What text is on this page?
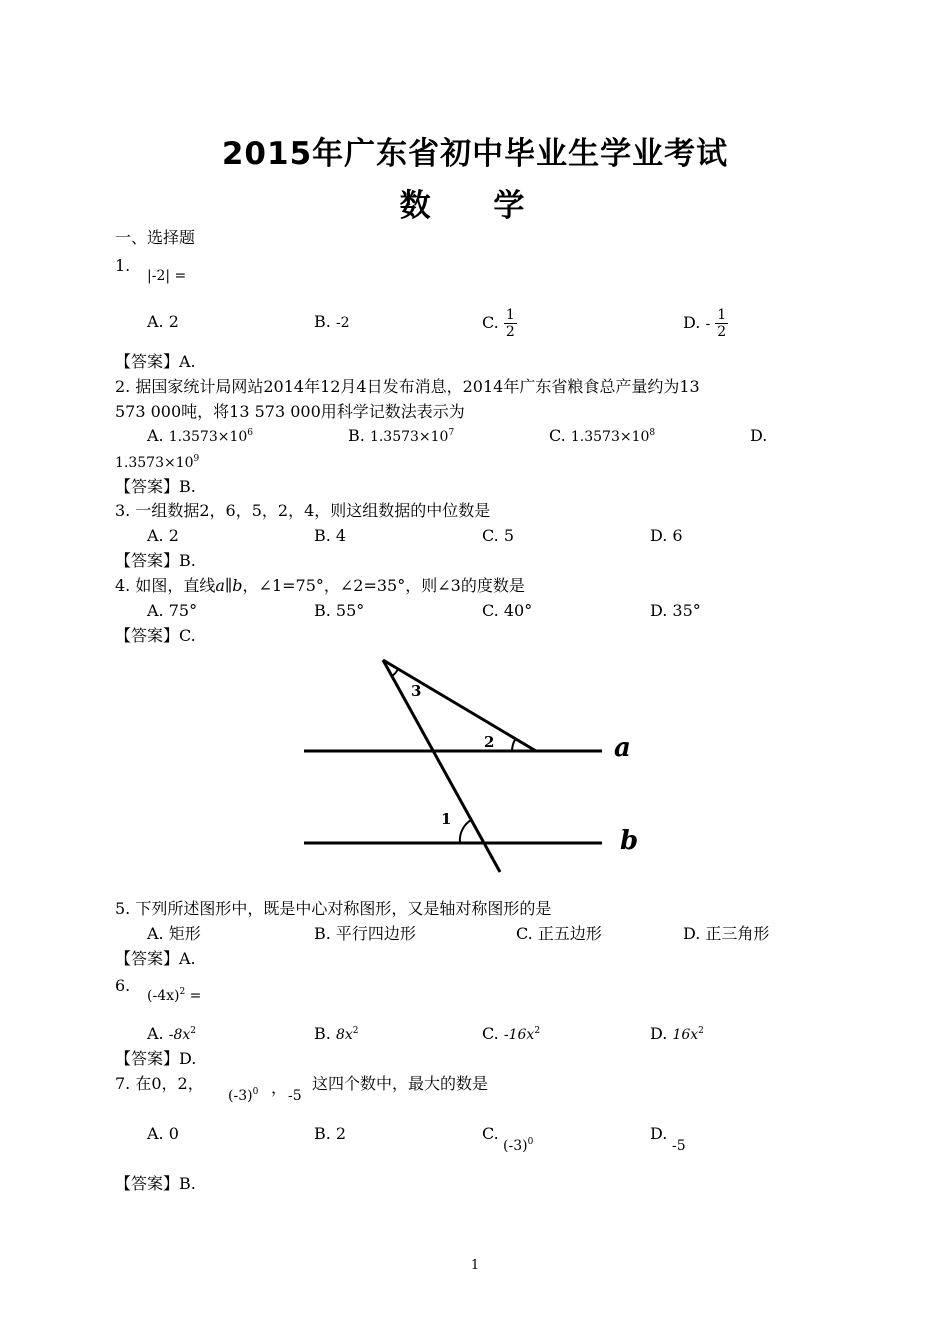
2015年广东省初中毕业生学业考试
数 学
一、选择题
1.
|-2| =
A. 2	B. -2	C. $\frac{1}{2}$	D. - $\frac{1}{2}$
【答案】A.
2. 据国家统计局网站2014年12月4日发布消息，2014年广东省粮食总产量约为13
573 000吨，将13 573 000用科学记数法表示为
A. $1.3573\times 10^6$	B. $1.3573\times 10^7$	C. $1.3573\times 10^8$	D.
$1.3573\times 10^9$
【答案】B.
3. 一组数据2，6，5，2，4，则这组数据的中位数是
A. 2	B. 4	C. 5	D. 6
【答案】B.
4. 如图，直线a∥b，∠1=75°，∠2=35°，则∠3的度数是
A. 75°	B. 55°	C. 40°	D. 35°
【答案】C.
3
2
1
a
b
5. 下列所述图形中，既是中心对称图形，又是轴对称图形的是
A. 矩形	B. 平行四边形	C. 正五边形	D. 正三角形
【答案】A.
6.
$(-4x)^2$ =
A. $-8x^2$	B. $8x^2$	C. $-16x^2$	D. $16x^2$
【答案】D.
7. 在0，2，
$(-3)^0$ ， -5
这四个数中，最大的数是
A. 0	B. 2	C.
$(-3)^0$	D.
-5
【答案】B.
1
